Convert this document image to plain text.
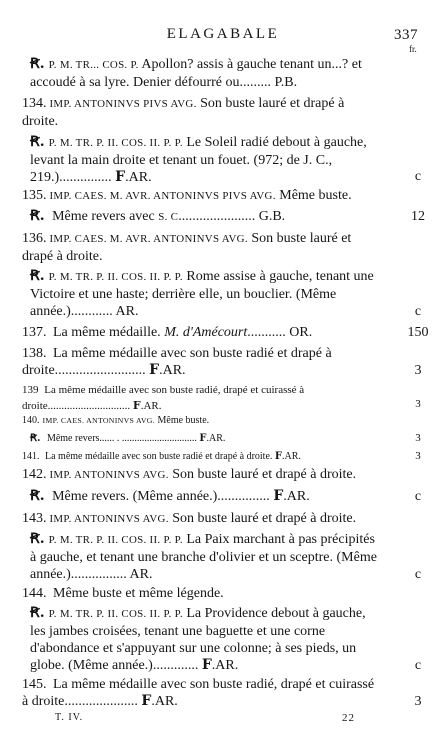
ELAGABALE	337
fr.

Ꞧ. P. M. TR... COS. P. Apollon? assis à gauche tenant un...? et accoudé à sa lyre. Denier défourré ou......... P.B.

134. IMP. ANTONINVS PIVS AVG. Son buste lauré et drapé à droite.

Ꞧ. P. M. TR. P. II. COS. II. P. P. Le Soleil radié debout à gauche, levant la main droite et tenant un fouet. (972; de J. C., 219.)............... F.AR.	c

135. IMP. CAES. M. AVR. ANTONINVS PIVS AVG. Même buste.

Ꞧ. Même revers avec S. C...................... G.B.	12

136. IMP. CAES. M. AVR. ANTONINVS AVG. Son buste lauré et drapé à droite.

Ꞧ. P. M. TR. P. II. COS. II. P. P. Rome assise à gauche, tenant une Victoire et une haste; derrière elle, un bouclier. (Même année.)............ AR.	c

137. La même médaille. M. d'Amécourt........... OR.	150

138. La même médaille avec son buste radié et drapé à droite.......................... F.AR.	3

139 La même médaille avec son buste radié, drapé et cuirassé à droite.............................. F.AR.	3

140. IMP. CAES. ANTONINVS AVG. Même buste.

Ꞧ. Même revers...... . .............................. F.AR.	3

141. La même médaille avec son buste radié et drapé à droite. F.AR.	3

142. IMP. ANTONINVS AVG. Son buste lauré et drapé à droite.

Ꞧ. Même revers. (Même année.)............... F.AR.	c

143. IMP. ANTONINVS AVG. Son buste lauré et drapé à droite.

Ꞧ. P. M. TR. P. II. COS. II. P. P. La Paix marchant à pas précipités à gauche, et tenant une branche d'olivier et un sceptre. (Même année.)................ AR.	c

144. Même buste et même légende.

Ꞧ. P. M. TR. P. II. COS. II. P. P. La Providence debout à gauche, les jambes croisées, tenant une baguette et une corne d'abondance et s'appuyant sur une colonne; à ses pieds, un globe. (Même année.)............. F.AR.	c

145. La même médaille avec son buste radié, drapé et cuirassé à droite..................... F.AR.	3
T. IV.	22
